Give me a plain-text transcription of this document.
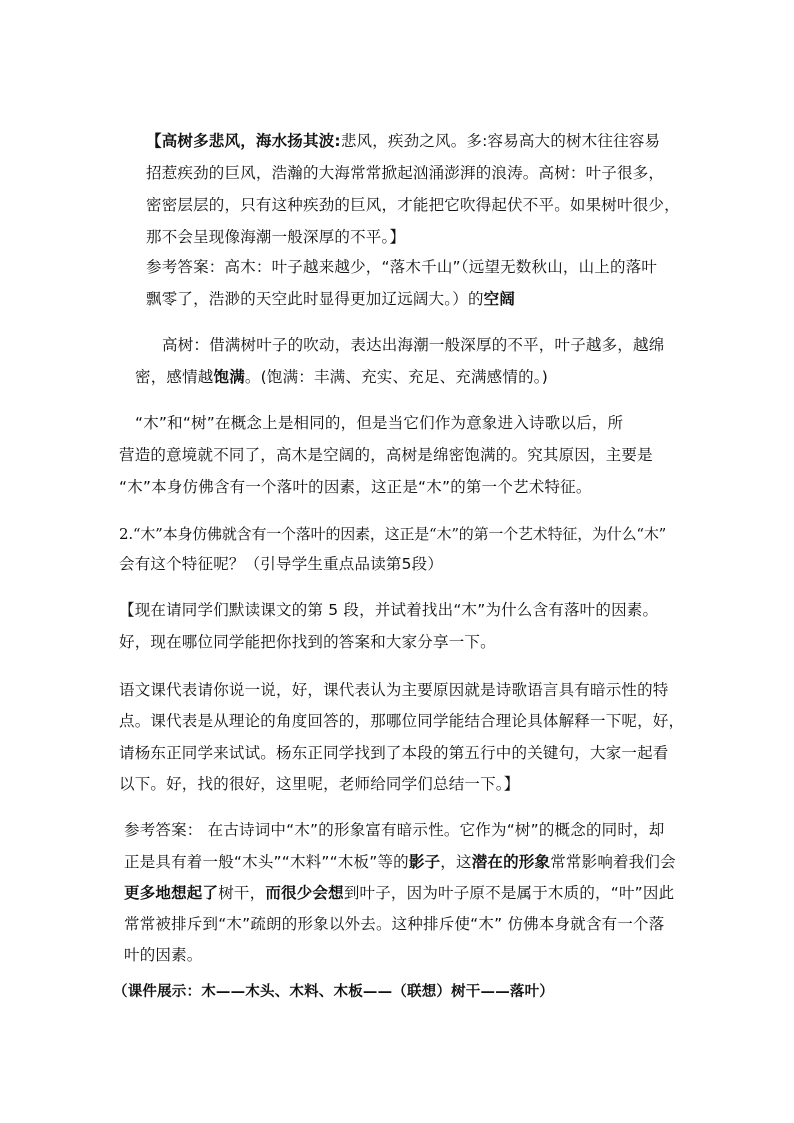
【高树多悲风，海水扬其波:悲风，疾劲之风。多:容易高大的树木往往容易
招惹疾劲的巨风，浩瀚的大海常常掀起汹涌澎湃的浪涛。高树：叶子很多，
密密层层的，只有这种疾劲的巨风，才能把它吹得起伏不平。如果树叶很少，
那不会呈现像海潮一般深厚的不平。】
参考答案：高木：叶子越来越少，“落木千山”（远望无数秋山，山上的落叶
飘零了，浩渺的天空此时显得更加辽远阔大。）的空阔
高树：借满树叶子的吹动，表达出海潮一般深厚的不平，叶子越多，越绵
密，感情越饱满。(饱满：丰满、充实、充足、充满感情的。)
“木”和“树”在概念上是相同的，但是当它们作为意象进入诗歌以后，所
营造的意境就不同了，高木是空阔的，高树是绵密饱满的。究其原因，主要是
“木”本身仿佛含有一个落叶的因素，这正是“木”的第一个艺术特征。
2.“木”本身仿佛就含有一个落叶的因素，这正是“木”的第一个艺术特征，为什么“木”
会有这个特征呢？（引导学生重点品读第5段）
【现在请同学们默读课文的第 5 段，并试着找出“木”为什么含有落叶的因素。
好，现在哪位同学能把你找到的答案和大家分享一下。
语文课代表请你说一说，好，课代表认为主要原因就是诗歌语言具有暗示性的特
点。课代表是从理论的角度回答的，那哪位同学能结合理论具体解释一下呢，好，
请杨东正同学来试试。杨东正同学找到了本段的第五行中的关键句，大家一起看
以下。好，找的很好，这里呢，老师给同学们总结一下。】
参考答案： 在古诗词中“木”的形象富有暗示性。它作为“树”的概念的同时，却
正是具有着一般“木头”“木料”“木板”等的影子，这潜在的形象常常影响着我们会
更多地想起了树干，而很少会想到叶子，因为叶子原不是属于木质的，“叶”因此
常常被排斥到“木”疏朗的形象以外去。这种排斥使“木” 仿佛本身就含有一个落
叶的因素。
（课件展示：木——木头、木料、木板——（联想）树干——落叶）
